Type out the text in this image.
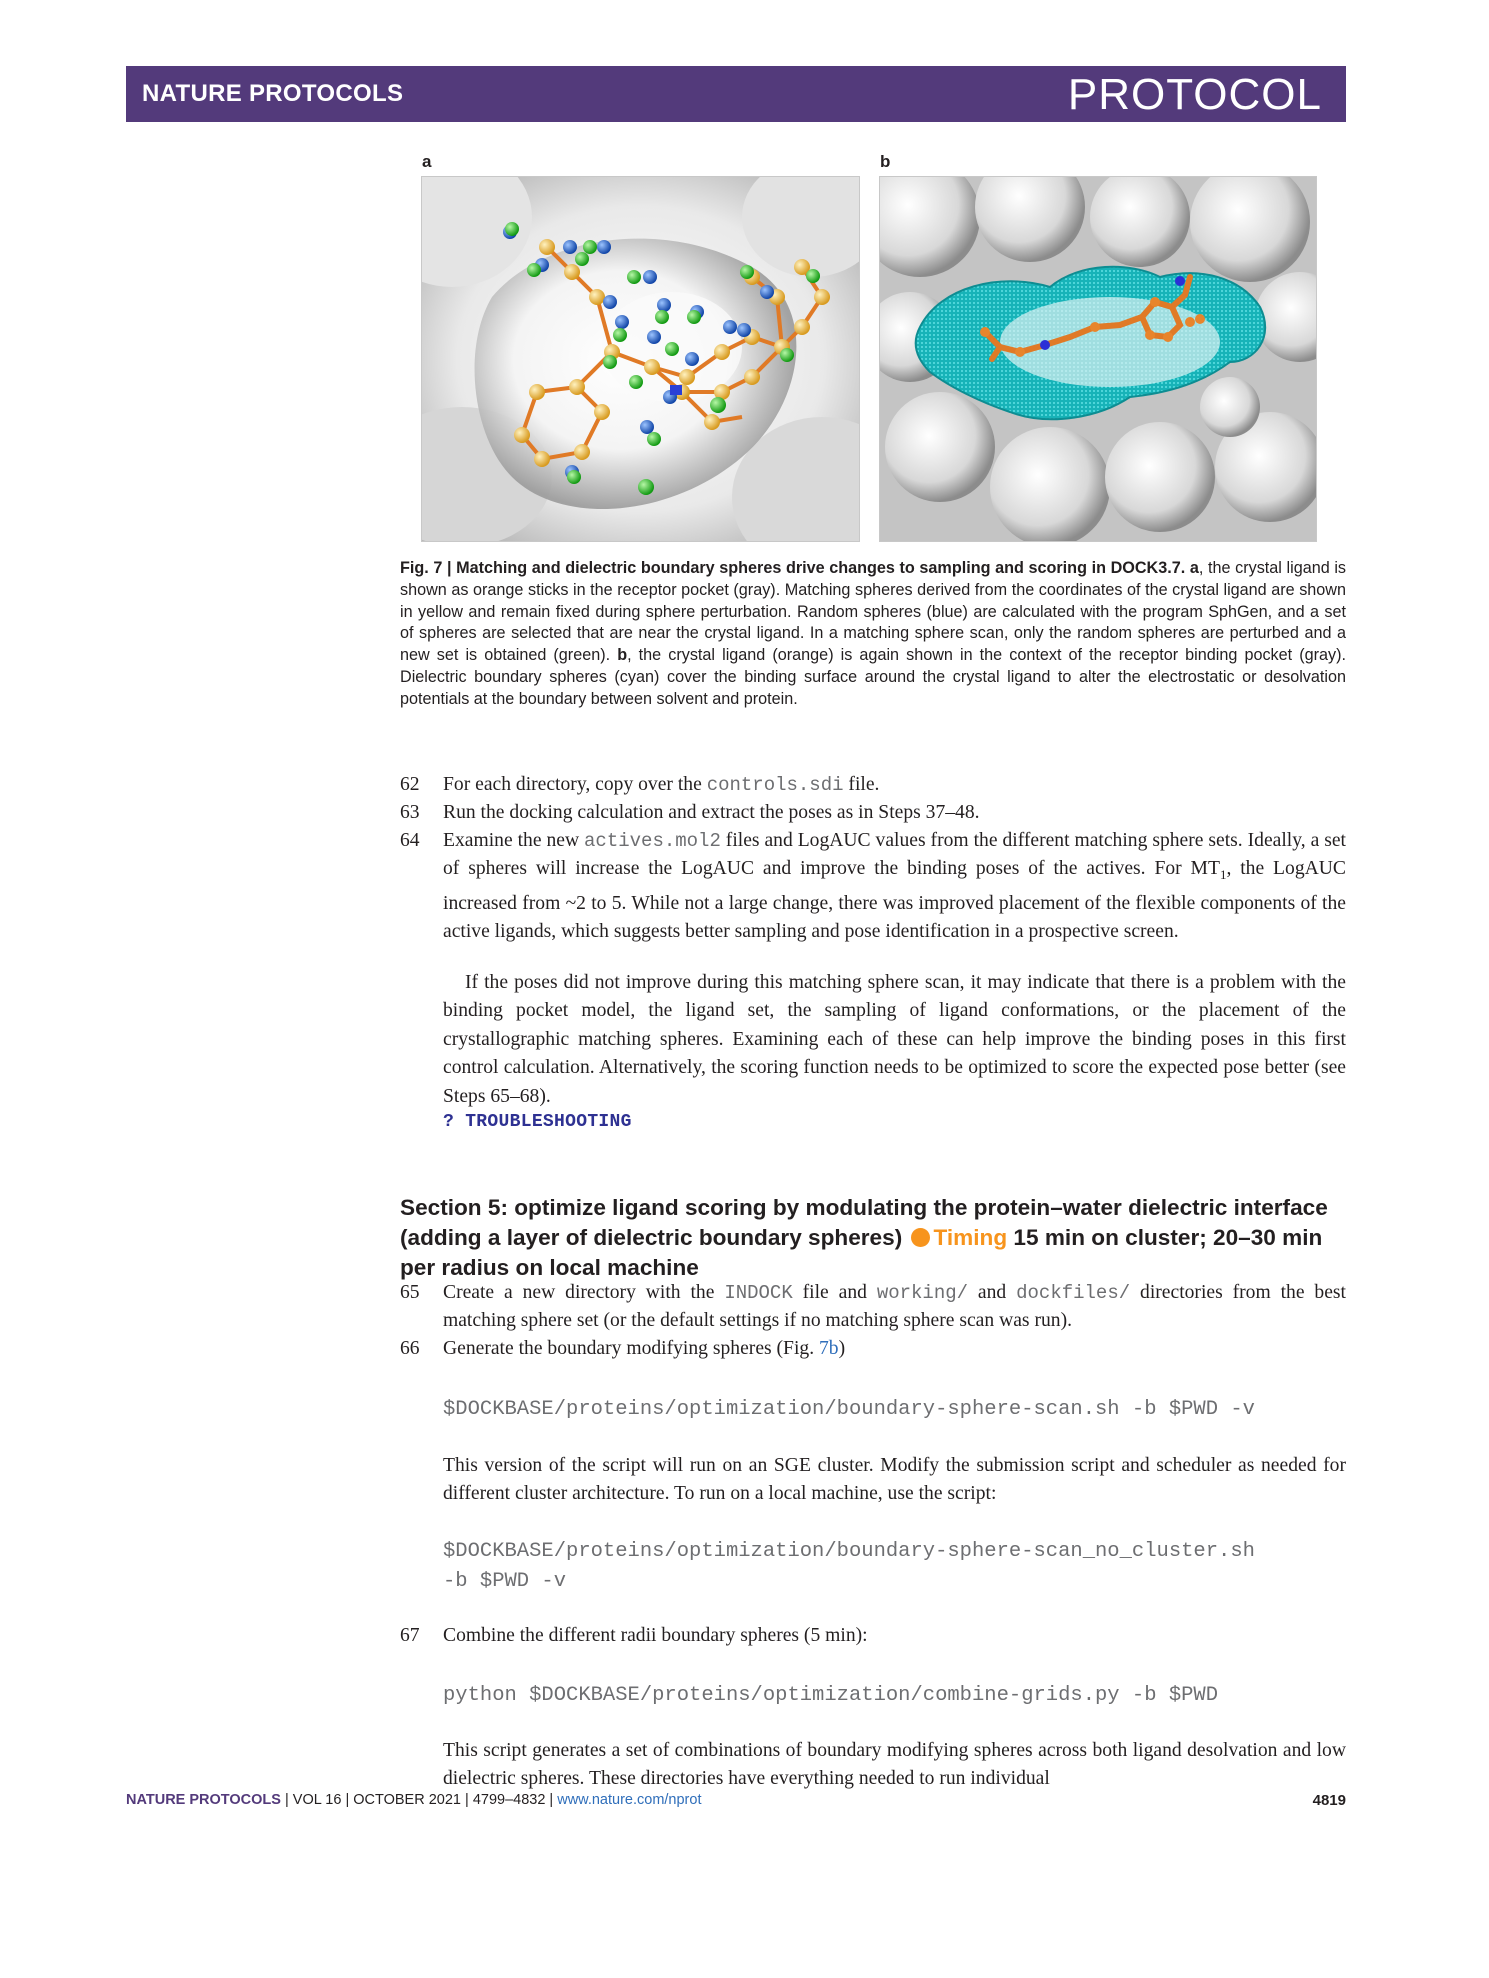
NATURE PROTOCOLS	PROTOCOL
a	b
Fig. 7 | Matching and dielectric boundary spheres drive changes to sampling and scoring in DOCK3.7. a, the crystal ligand is shown as orange sticks in the receptor pocket (gray). Matching spheres derived from the coordinates of the crystal ligand are shown in yellow and remain fixed during sphere perturbation. Random spheres (blue) are calculated with the program SphGen, and a set of spheres are selected that are near the crystal ligand. In a matching sphere scan, only the random spheres are perturbed and a new set is obtained (green). b, the crystal ligand (orange) is again shown in the context of the receptor binding pocket (gray). Dielectric boundary spheres (cyan) cover the binding surface around the crystal ligand to alter the electrostatic or desolvation potentials at the boundary between solvent and protein.
62 For each directory, copy over the controls.sdi file.
63 Run the docking calculation and extract the poses as in Steps 37–48.
64 Examine the new actives.mol2 files and LogAUC values from the different matching sphere sets. Ideally, a set of spheres will increase the LogAUC and improve the binding poses of the actives. For $MT_1$, the LogAUC increased from ~2 to 5. While not a large change, there was improved placement of the flexible components of the active ligands, which suggests better sampling and pose identification in a prospective screen.
If the poses did not improve during this matching sphere scan, it may indicate that there is a problem with the binding pocket model, the ligand set, the sampling of ligand conformations, or the placement of the crystallographic matching spheres. Examining each of these can help improve the binding poses in this first control calculation. Alternatively, the scoring function needs to be optimized to score the expected pose better (see Steps 65–68).
? TROUBLESHOOTING
Section 5: optimize ligand scoring by modulating the protein–water dielectric interface (adding a layer of dielectric boundary spheres) Timing 15 min on cluster; 20–30 min per radius on local machine
65 Create a new directory with the INDOCK file and working/ and dockfiles/ directories from the best matching sphere set (or the default settings if no matching sphere scan was run).
66 Generate the boundary modifying spheres (Fig. 7b)
$DOCKBASE/proteins/optimization/boundary-sphere-scan.sh -b $PWD -v
This version of the script will run on an SGE cluster. Modify the submission script and scheduler as needed for different cluster architecture. To run on a local machine, use the script:
$DOCKBASE/proteins/optimization/boundary-sphere-scan_no_cluster.sh
-b $PWD -v
67 Combine the different radii boundary spheres (5 min):
python $DOCKBASE/proteins/optimization/combine-grids.py -b $PWD
This script generates a set of combinations of boundary modifying spheres across both ligand desolvation and low dielectric spheres. These directories have everything needed to run individual
NATURE PROTOCOLS | VOL 16 | OCTOBER 2021 | 4799–4832 | www.nature.com/nprot	4819
